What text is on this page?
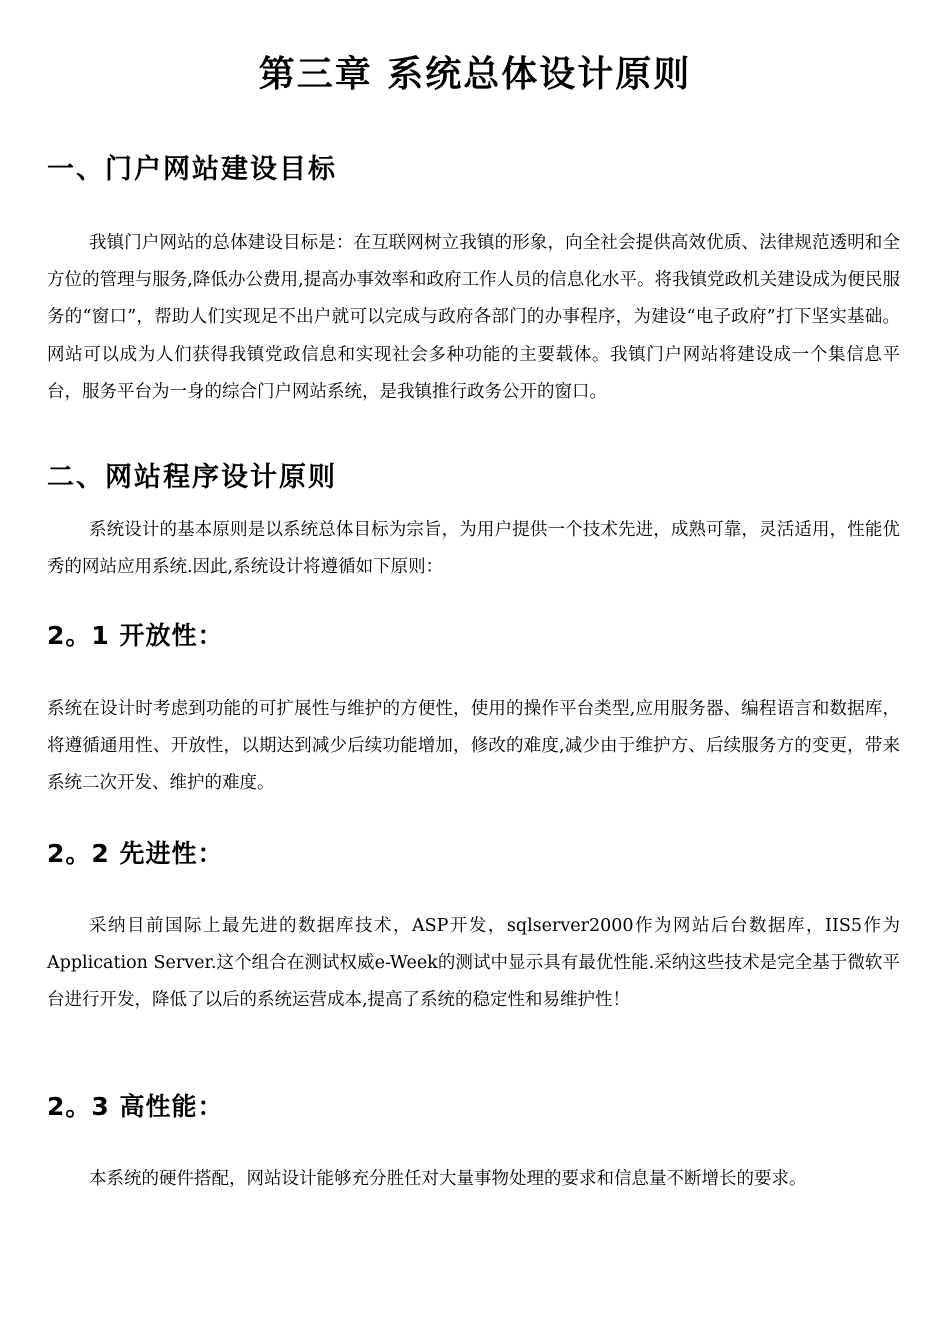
第三章 系统总体设计原则
一、门户网站建设目标

我镇门户网站的总体建设目标是：在互联网树立我镇的形象，向全社会提供高效优质、法律规范透明和全方位的管理与服务,降低办公费用,提高办事效率和政府工作人员的信息化水平。将我镇党政机关建设成为便民服务的“窗口”，帮助人们实现足不出户就可以完成与政府各部门的办事程序，为建设“电子政府”打下坚实基础。网站可以成为人们获得我镇党政信息和实现社会多种功能的主要载体。我镇门户网站将建设成一个集信息平台，服务平台为一身的综合门户网站系统，是我镇推行政务公开的窗口。

二、网站程序设计原则

系统设计的基本原则是以系统总体目标为宗旨，为用户提供一个技术先进，成熟可靠，灵活适用，性能优秀的网站应用系统.因此,系统设计将遵循如下原则：

2。1 开放性：

系统在设计时考虑到功能的可扩展性与维护的方便性，使用的操作平台类型,应用服务器、编程语言和数据库，将遵循通用性、开放性，以期达到减少后续功能增加，修改的难度,减少由于维护方、后续服务方的变更，带来系统二次开发、维护的难度。

2。2 先进性：

采纳目前国际上最先进的数据库技术，ASP开发，sqlserver2000作为网站后台数据库，IIS5作为Application Server.这个组合在测试权威e-Week的测试中显示具有最优性能.采纳这些技术是完全基于微软平台进行开发，降低了以后的系统运营成本,提高了系统的稳定性和易维护性！

2。3 高性能：

本系统的硬件搭配，网站设计能够充分胜任对大量事物处理的要求和信息量不断增长的要求。
